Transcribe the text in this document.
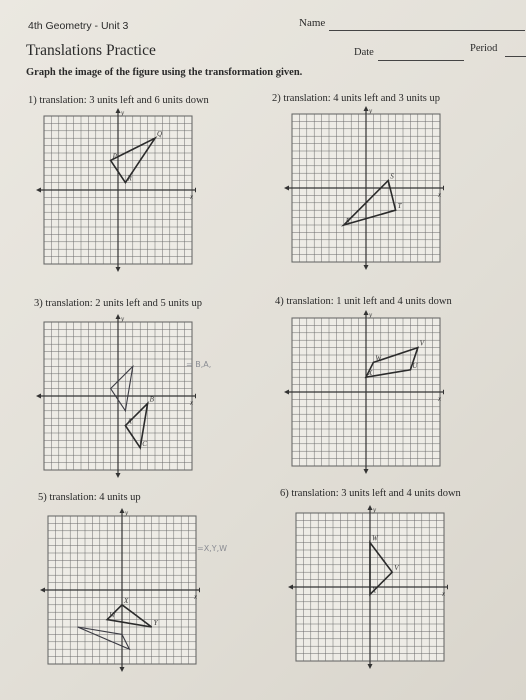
4th Geometry - Unit 3	Name
Translations Practice	Date	Period
Graph the image of the figure using the transformation given.
1) translation: 3 units left and 6 units down	2) translation: 4 units left and 3 units up
3) translation: 2 units left and 5 units up	4) translation: 1 unit left and 4 units down
5) translation: 4 units up	6) translation: 3 units left and 4 units down
y
x
Q
P
R
y
x
S
T
R
y
x
B
A
C
y
x
V
W
X
U
y
x
X
Y
W
y
x
W
V
X
= B,A,
=X,Y,W
